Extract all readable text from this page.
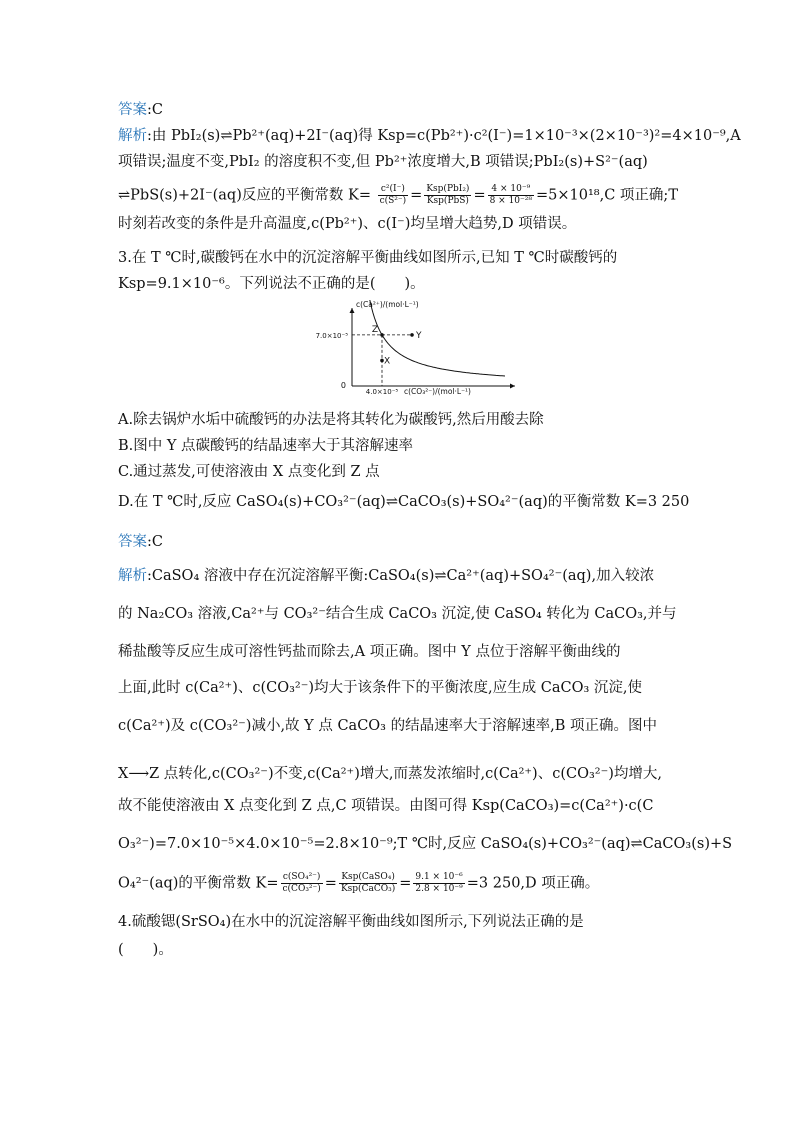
答案:C
解析:由 PbI₂(s)⇌Pb²⁺(aq)+2I⁻(aq)得 Ksp=c(Pb²⁺)·c²(I⁻)=1×10⁻³×(2×10⁻³)²=4×10⁻⁹,A
项错误;温度不变,PbI₂ 的溶度积不变,但 Pb²⁺浓度增大,B 项错误;PbI₂(s)+S²⁻(aq)
⇌PbS(s)+2I⁻(aq)反应的平衡常数 $K= \frac{\text{c²(I⁻)}}{\text{c(S²⁻)}} = \frac{\text{Ksp(PbI₂)}}{\text{Ksp(PbS)}} = \frac{\text{4 × 10⁻⁹}}{\text{8 × 10⁻²⁸}} =5\times 10^{18},C$ 项正确;T
时刻若改变的条件是升高温度,c(Pb²⁺)、c(I⁻)均呈增大趋势,D 项错误。
3.在 T ℃时,碳酸钙在水中的沉淀溶解平衡曲线如图所示,已知 T ℃时碳酸钙的
Ksp=9.1×10⁻⁶。下列说法不正确的是(　　)。
Z
Y
X
7.0×10⁻⁵
4.0×10⁻⁵
0
c(Ca²⁺)/(mol·L⁻¹)
c(CO₃²⁻)/(mol·L⁻¹)
A.除去锅炉水垢中硫酸钙的办法是将其转化为碳酸钙,然后用酸去除
B.图中 Y 点碳酸钙的结晶速率大于其溶解速率
C.通过蒸发,可使溶液由 X 点变化到 Z 点
D.在 T ℃时,反应 CaSO₄(s)+CO₃²⁻(aq)⇌CaCO₃(s)+SO₄²⁻(aq)的平衡常数 K=3 250
答案:C
解析:CaSO₄ 溶液中存在沉淀溶解平衡:CaSO₄(s)⇌Ca²⁺(aq)+SO₄²⁻(aq),加入较浓
的 Na₂CO₃ 溶液,Ca²⁺与 CO₃²⁻结合生成 CaCO₃ 沉淀,使 CaSO₄ 转化为 CaCO₃,并与
稀盐酸等反应生成可溶性钙盐而除去,A 项正确。图中 Y 点位于溶解平衡曲线的
上面,此时 c(Ca²⁺)、c(CO₃²⁻)均大于该条件下的平衡浓度,应生成 CaCO₃ 沉淀,使
c(Ca²⁺)及 c(CO₃²⁻)减小,故 Y 点 CaCO₃ 的结晶速率大于溶解速率,B 项正确。图中
X⟶Z 点转化,c(CO₃²⁻)不变,c(Ca²⁺)增大,而蒸发浓缩时,c(Ca²⁺)、c(CO₃²⁻)均增大,
故不能使溶液由 X 点变化到 Z 点,C 项错误。由图可得 Ksp(CaCO₃)=c(Ca²⁺)·c(C
O₃²⁻)=7.0×10⁻⁵×4.0×10⁻⁵=2.8×10⁻⁹;T ℃时,反应 CaSO₄(s)+CO₃²⁻(aq)⇌CaCO₃(s)+S
O₄²⁻(aq)的平衡常数 $K= \frac{\text{c(SO₄²⁻)}}{\text{c(CO₃²⁻)}} = \frac{\text{Ksp(CaSO₄)}}{\text{Ksp(CaCO₃)}} = \frac{\text{9.1 × 10⁻⁶}}{\text{2.8 × 10⁻⁹}} =3$ 250,D 项正确。
4.硫酸锶(SrSO₄)在水中的沉淀溶解平衡曲线如图所示,下列说法正确的是
(　　)。
